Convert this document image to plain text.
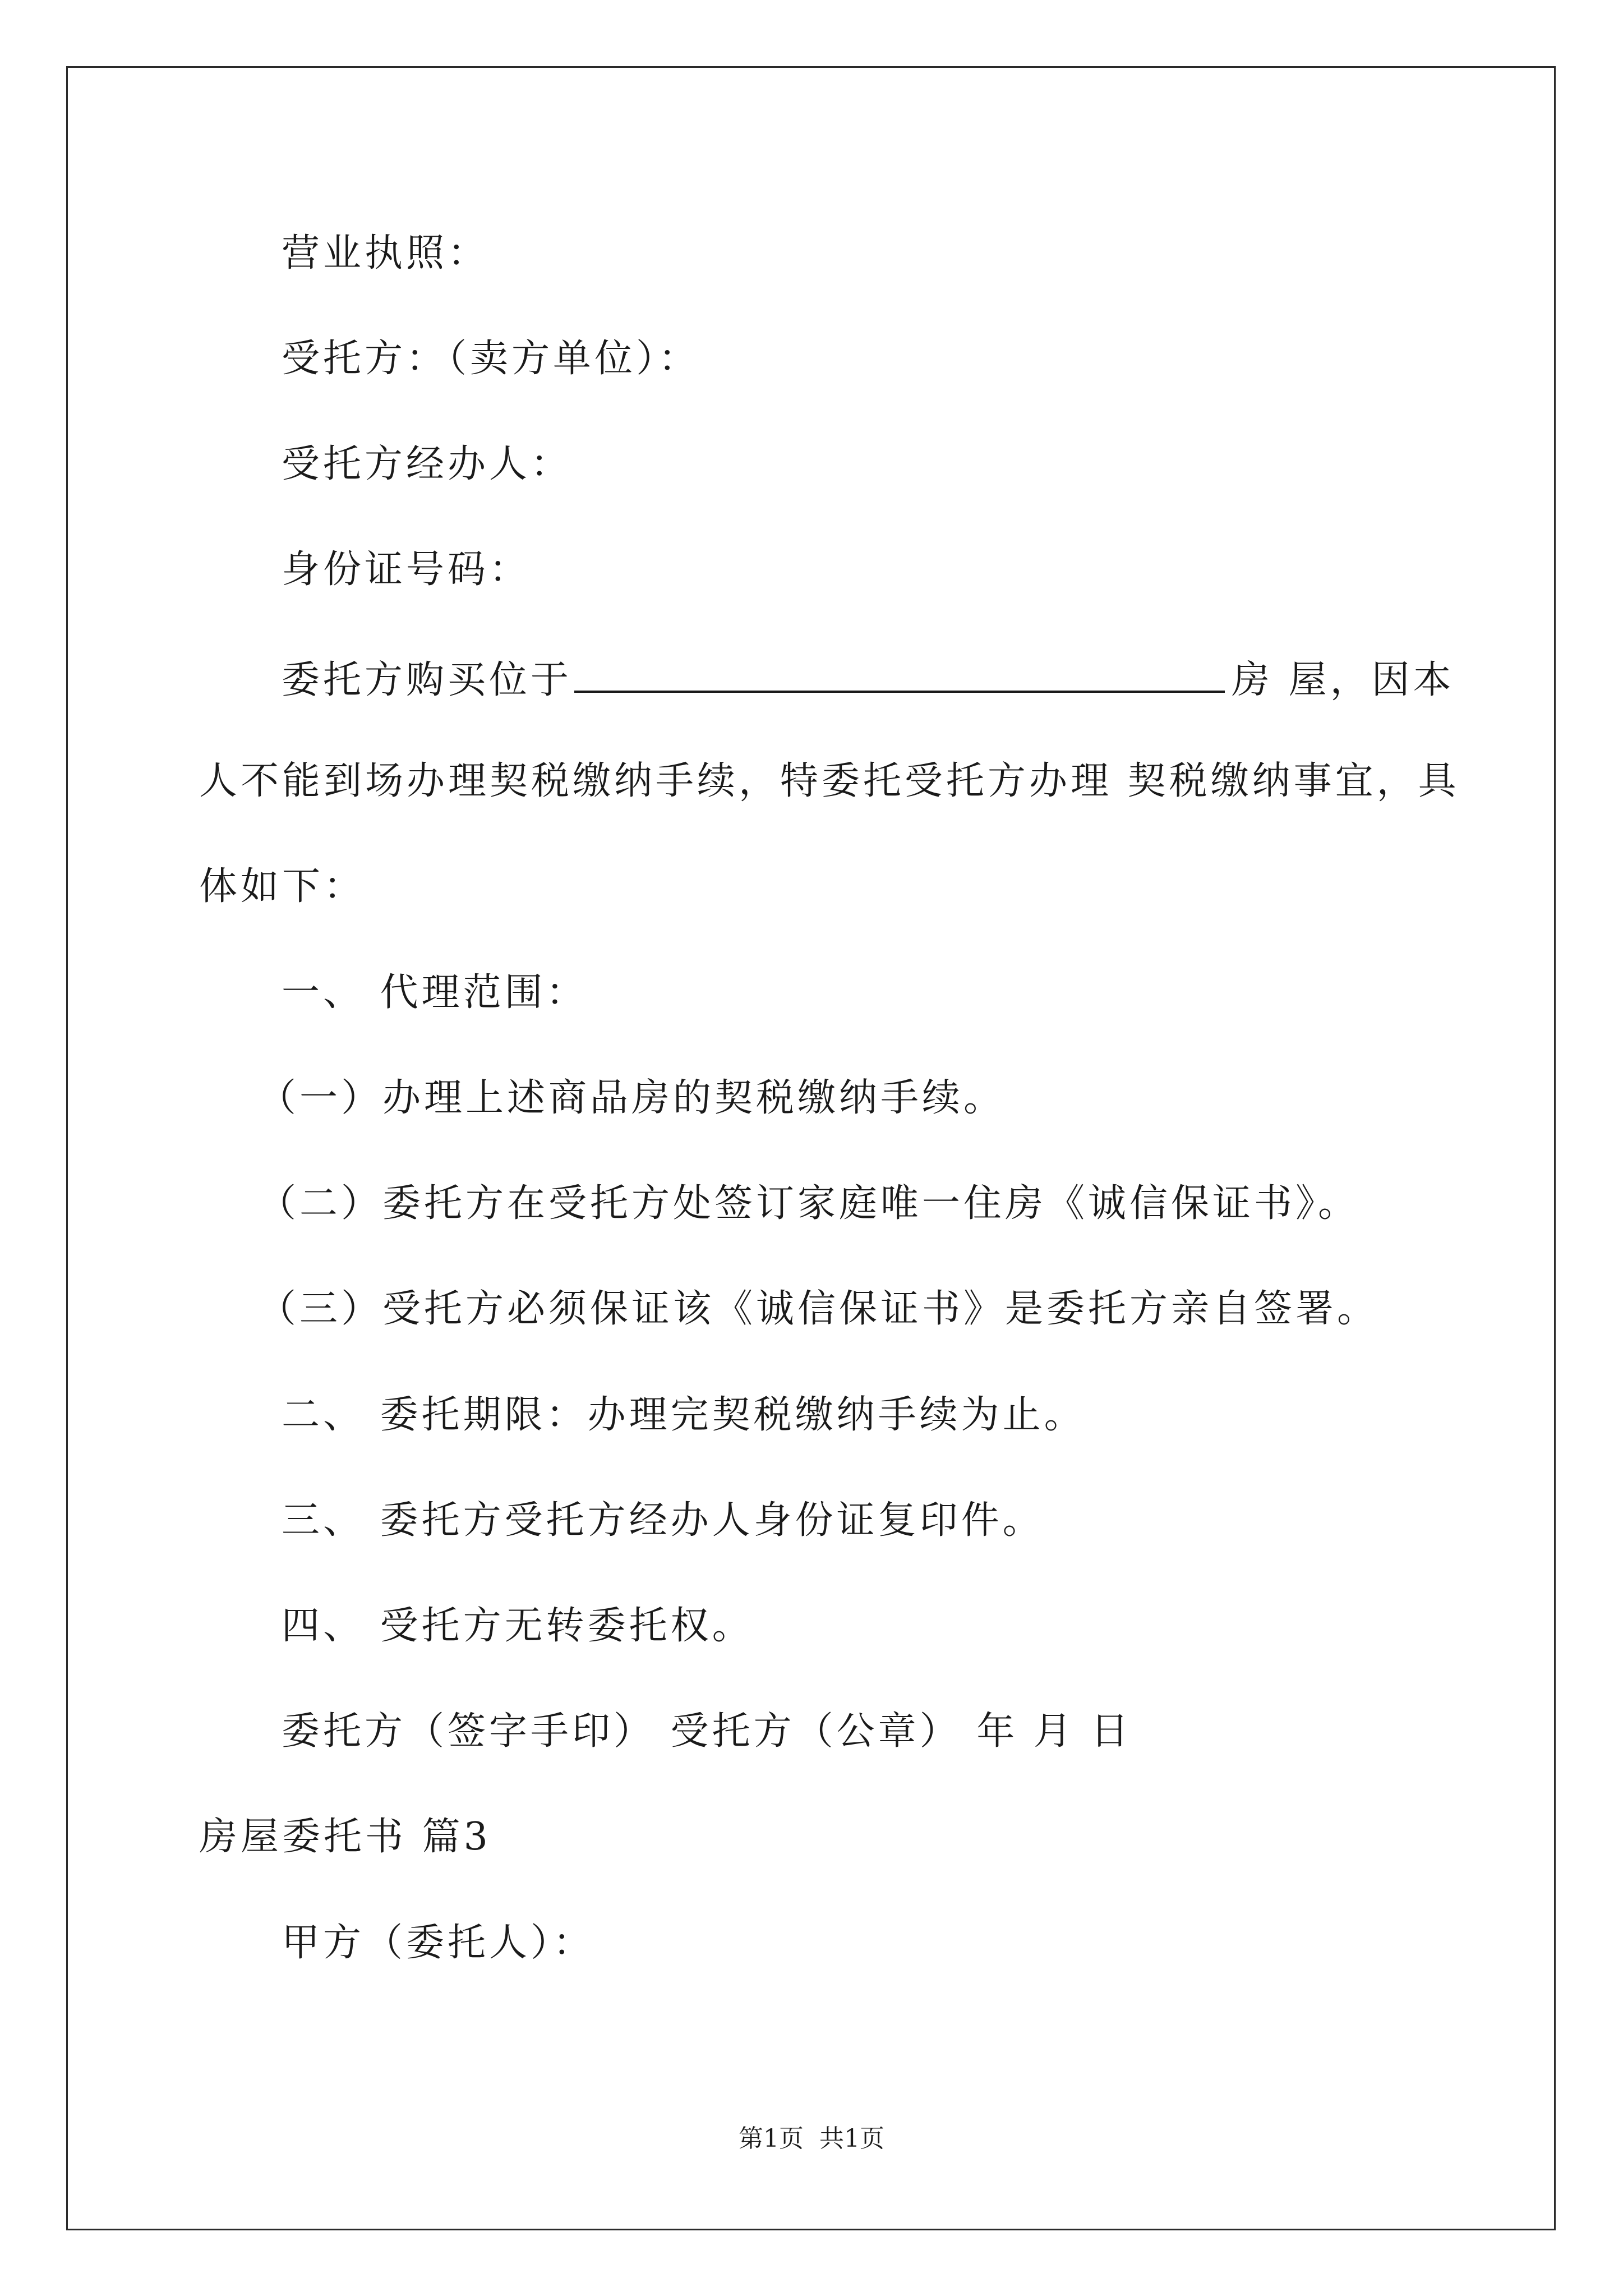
营业执照：
受托方：（卖方单位）：
受托方经办人：
身份证号码：
委托方购买位于	房 屋，因本
人不能到场办理契税缴纳手续，特委托受托方办理 契税缴纳事宜，具
体如下：
一、 代理范围：
（一）办理上述商品房的契税缴纳手续。
（二）委托方在受托方处签订家庭唯一住房《诚信保证书》。
（三）受托方必须保证该《诚信保证书》是委托方亲自签署。
二、 委托期限：办理完契税缴纳手续为止。
三、 委托方受托方经办人身份证复印件。
四、 受托方无转委托权。
委托方（签字手印） 受托方（公章） 年 月 日
房屋委托书 篇3
甲方（委托人）：
第1页 共1页
